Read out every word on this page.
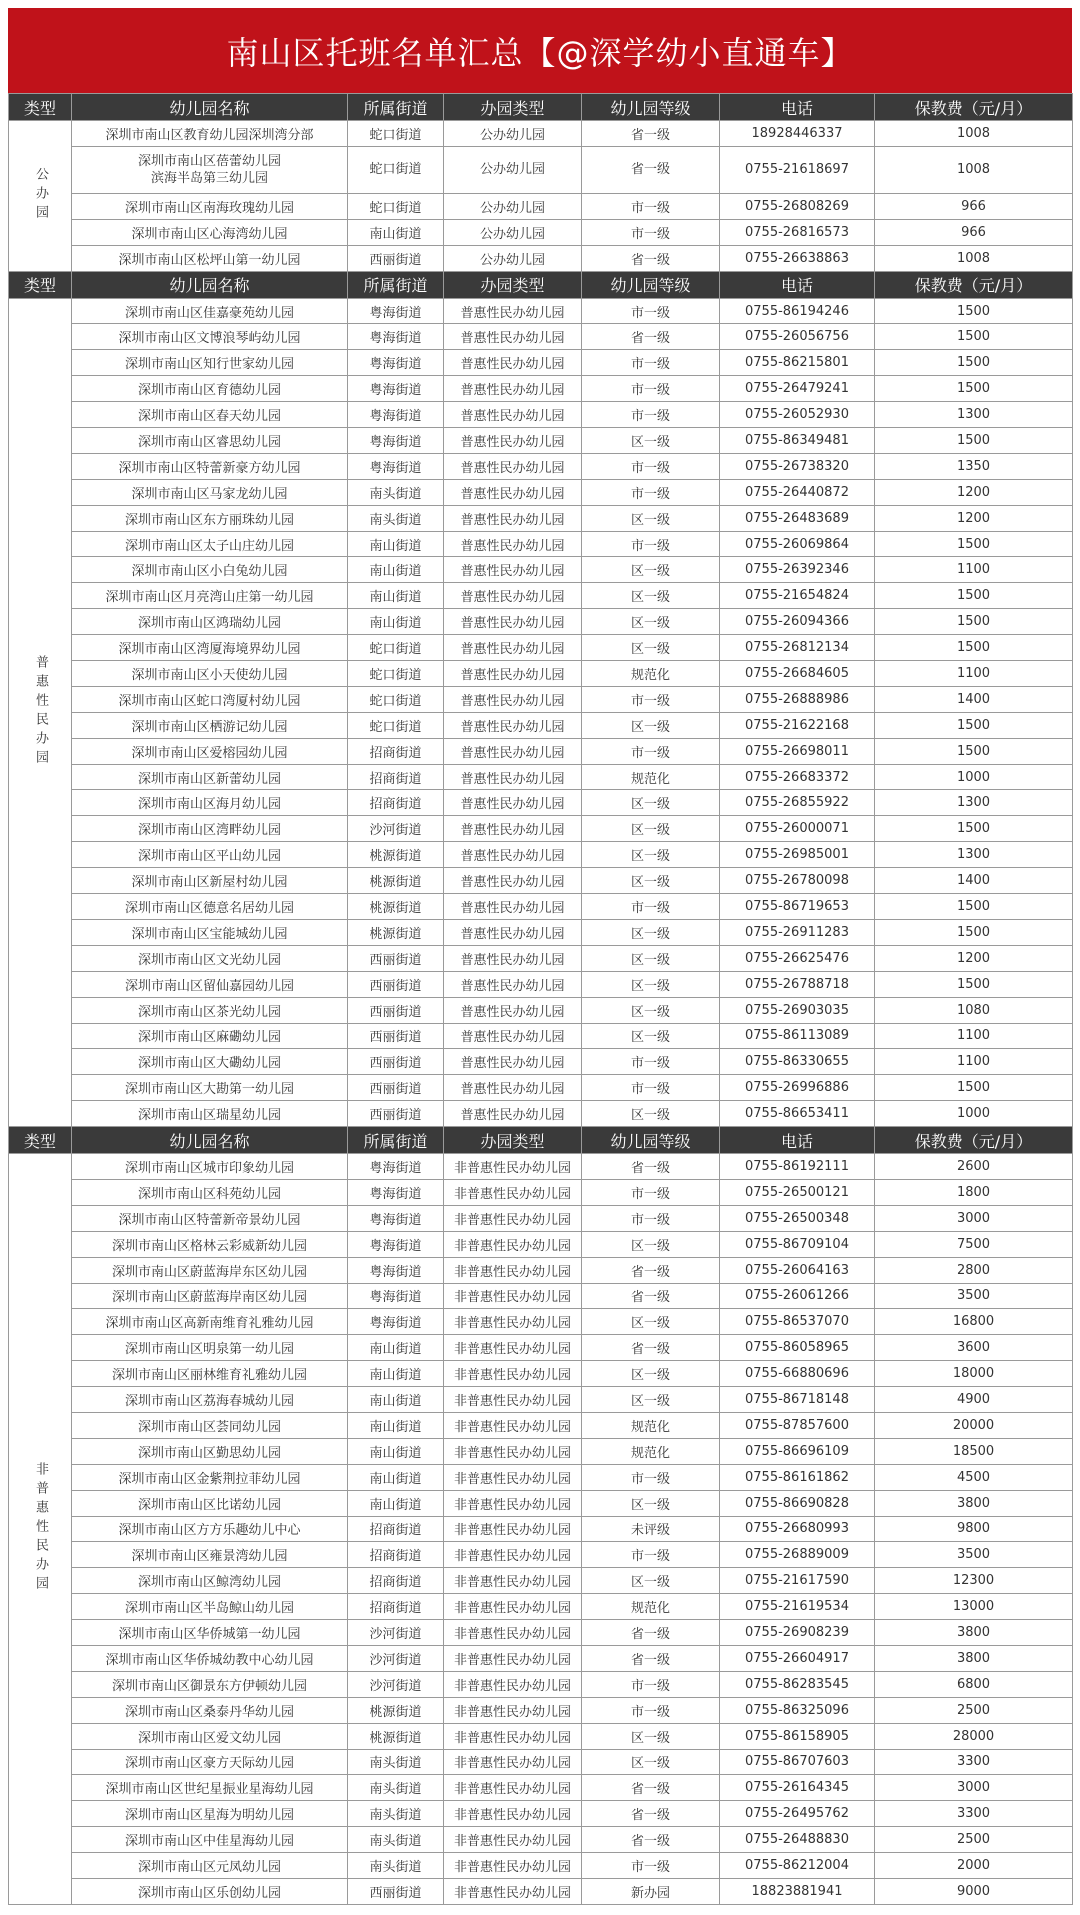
南山区托班名单汇总【@深学幼小直通车】
类型	幼儿园名称	所属街道	办园类型	幼儿园等级	电话	保教费（元/月）
公办园	深圳市南山区教育幼儿园深圳湾分部	蛇口街道	公办幼儿园	省一级	18928446337	1008
	深圳市南山区蓓蕾幼儿园
滨海半岛第三幼儿园	蛇口街道	公办幼儿园	省一级	0755-21618697	1008
	深圳市南山区南海玫瑰幼儿园	蛇口街道	公办幼儿园	市一级	0755-26808269	966
	深圳市南山区心海湾幼儿园	南山街道	公办幼儿园	市一级	0755-26816573	966
	深圳市南山区松坪山第一幼儿园	西丽街道	公办幼儿园	省一级	0755-26638863	1008
类型	幼儿园名称	所属街道	办园类型	幼儿园等级	电话	保教费（元/月）
普惠性民办园	深圳市南山区佳嘉豪苑幼儿园	粤海街道	普惠性民办幼儿园	市一级	0755-86194246	1500
	深圳市南山区文博浪琴屿幼儿园	粤海街道	普惠性民办幼儿园	省一级	0755-26056756	1500
	深圳市南山区知行世家幼儿园	粤海街道	普惠性民办幼儿园	市一级	0755-86215801	1500
	深圳市南山区育德幼儿园	粤海街道	普惠性民办幼儿园	市一级	0755-26479241	1500
	深圳市南山区春天幼儿园	粤海街道	普惠性民办幼儿园	市一级	0755-26052930	1300
	深圳市南山区睿思幼儿园	粤海街道	普惠性民办幼儿园	区一级	0755-86349481	1500
	深圳市南山区特蕾新豪方幼儿园	粤海街道	普惠性民办幼儿园	市一级	0755-26738320	1350
	深圳市南山区马家龙幼儿园	南头街道	普惠性民办幼儿园	市一级	0755-26440872	1200
	深圳市南山区东方丽珠幼儿园	南头街道	普惠性民办幼儿园	区一级	0755-26483689	1200
	深圳市南山区太子山庄幼儿园	南山街道	普惠性民办幼儿园	市一级	0755-26069864	1500
	深圳市南山区小白兔幼儿园	南山街道	普惠性民办幼儿园	区一级	0755-26392346	1100
	深圳市南山区月亮湾山庄第一幼儿园	南山街道	普惠性民办幼儿园	区一级	0755-21654824	1500
	深圳市南山区鸿瑞幼儿园	南山街道	普惠性民办幼儿园	区一级	0755-26094366	1500
	深圳市南山区湾厦海境界幼儿园	蛇口街道	普惠性民办幼儿园	区一级	0755-26812134	1500
	深圳市南山区小天使幼儿园	蛇口街道	普惠性民办幼儿园	规范化	0755-26684605	1100
	深圳市南山区蛇口湾厦村幼儿园	蛇口街道	普惠性民办幼儿园	市一级	0755-26888986	1400
	深圳市南山区栖游记幼儿园	蛇口街道	普惠性民办幼儿园	区一级	0755-21622168	1500
	深圳市南山区爱榕园幼儿园	招商街道	普惠性民办幼儿园	市一级	0755-26698011	1500
	深圳市南山区新蕾幼儿园	招商街道	普惠性民办幼儿园	规范化	0755-26683372	1000
	深圳市南山区海月幼儿园	招商街道	普惠性民办幼儿园	区一级	0755-26855922	1300
	深圳市南山区湾畔幼儿园	沙河街道	普惠性民办幼儿园	区一级	0755-26000071	1500
	深圳市南山区平山幼儿园	桃源街道	普惠性民办幼儿园	区一级	0755-26985001	1300
	深圳市南山区新屋村幼儿园	桃源街道	普惠性民办幼儿园	区一级	0755-26780098	1400
	深圳市南山区德意名居幼儿园	桃源街道	普惠性民办幼儿园	市一级	0755-86719653	1500
	深圳市南山区宝能城幼儿园	桃源街道	普惠性民办幼儿园	区一级	0755-26911283	1500
	深圳市南山区文光幼儿园	西丽街道	普惠性民办幼儿园	区一级	0755-26625476	1200
	深圳市南山区留仙嘉园幼儿园	西丽街道	普惠性民办幼儿园	区一级	0755-26788718	1500
	深圳市南山区茶光幼儿园	西丽街道	普惠性民办幼儿园	区一级	0755-26903035	1080
	深圳市南山区麻磡幼儿园	西丽街道	普惠性民办幼儿园	区一级	0755-86113089	1100
	深圳市南山区大磡幼儿园	西丽街道	普惠性民办幼儿园	市一级	0755-86330655	1100
	深圳市南山区大勘第一幼儿园	西丽街道	普惠性民办幼儿园	市一级	0755-26996886	1500
	深圳市南山区瑞星幼儿园	西丽街道	普惠性民办幼儿园	区一级	0755-86653411	1000
类型	幼儿园名称	所属街道	办园类型	幼儿园等级	电话	保教费（元/月）
非普惠性民办园	深圳市南山区城市印象幼儿园	粤海街道	非普惠性民办幼儿园	省一级	0755-86192111	2600
	深圳市南山区科苑幼儿园	粤海街道	非普惠性民办幼儿园	市一级	0755-26500121	1800
	深圳市南山区特蕾新帝景幼儿园	粤海街道	非普惠性民办幼儿园	市一级	0755-26500348	3000
	深圳市南山区格林云彩威新幼儿园	粤海街道	非普惠性民办幼儿园	区一级	0755-86709104	7500
	深圳市南山区蔚蓝海岸东区幼儿园	粤海街道	非普惠性民办幼儿园	省一级	0755-26064163	2800
	深圳市南山区蔚蓝海岸南区幼儿园	粤海街道	非普惠性民办幼儿园	省一级	0755-26061266	3500
	深圳市南山区高新南维育礼雅幼儿园	粤海街道	非普惠性民办幼儿园	区一级	0755-86537070	16800
	深圳市南山区明泉第一幼儿园	南山街道	非普惠性民办幼儿园	省一级	0755-86058965	3600
	深圳市南山区丽林维育礼雅幼儿园	南山街道	非普惠性民办幼儿园	区一级	0755-66880696	18000
	深圳市南山区荔海春城幼儿园	南山街道	非普惠性民办幼儿园	区一级	0755-86718148	4900
	深圳市南山区荟同幼儿园	南山街道	非普惠性民办幼儿园	规范化	0755-87857600	20000
	深圳市南山区勤思幼儿园	南山街道	非普惠性民办幼儿园	规范化	0755-86696109	18500
	深圳市南山区金紫荆拉菲幼儿园	南山街道	非普惠性民办幼儿园	市一级	0755-86161862	4500
	深圳市南山区比诺幼儿园	南山街道	非普惠性民办幼儿园	区一级	0755-86690828	3800
	深圳市南山区方方乐趣幼儿中心	招商街道	非普惠性民办幼儿园	未评级	0755-26680993	9800
	深圳市南山区雍景湾幼儿园	招商街道	非普惠性民办幼儿园	市一级	0755-26889009	3500
	深圳市南山区鲸湾幼儿园	招商街道	非普惠性民办幼儿园	区一级	0755-21617590	12300
	深圳市南山区半岛鲸山幼儿园	招商街道	非普惠性民办幼儿园	规范化	0755-21619534	13000
	深圳市南山区华侨城第一幼儿园	沙河街道	非普惠性民办幼儿园	省一级	0755-26908239	3800
	深圳市南山区华侨城幼教中心幼儿园	沙河街道	非普惠性民办幼儿园	省一级	0755-26604917	3800
	深圳市南山区御景东方伊顿幼儿园	沙河街道	非普惠性民办幼儿园	市一级	0755-86283545	6800
	深圳市南山区桑泰丹华幼儿园	桃源街道	非普惠性民办幼儿园	市一级	0755-86325096	2500
	深圳市南山区爱文幼儿园	桃源街道	非普惠性民办幼儿园	区一级	0755-86158905	28000
	深圳市南山区豪方天际幼儿园	南头街道	非普惠性民办幼儿园	区一级	0755-86707603	3300
	深圳市南山区世纪星振业星海幼儿园	南头街道	非普惠性民办幼儿园	省一级	0755-26164345	3000
	深圳市南山区星海为明幼儿园	南头街道	非普惠性民办幼儿园	省一级	0755-26495762	3300
	深圳市南山区中佳星海幼儿园	南头街道	非普惠性民办幼儿园	省一级	0755-26488830	2500
	深圳市南山区元凤幼儿园	南头街道	非普惠性民办幼儿园	市一级	0755-86212004	2000
	深圳市南山区乐创幼儿园	西丽街道	非普惠性民办幼儿园	新办园	18823881941	9000
